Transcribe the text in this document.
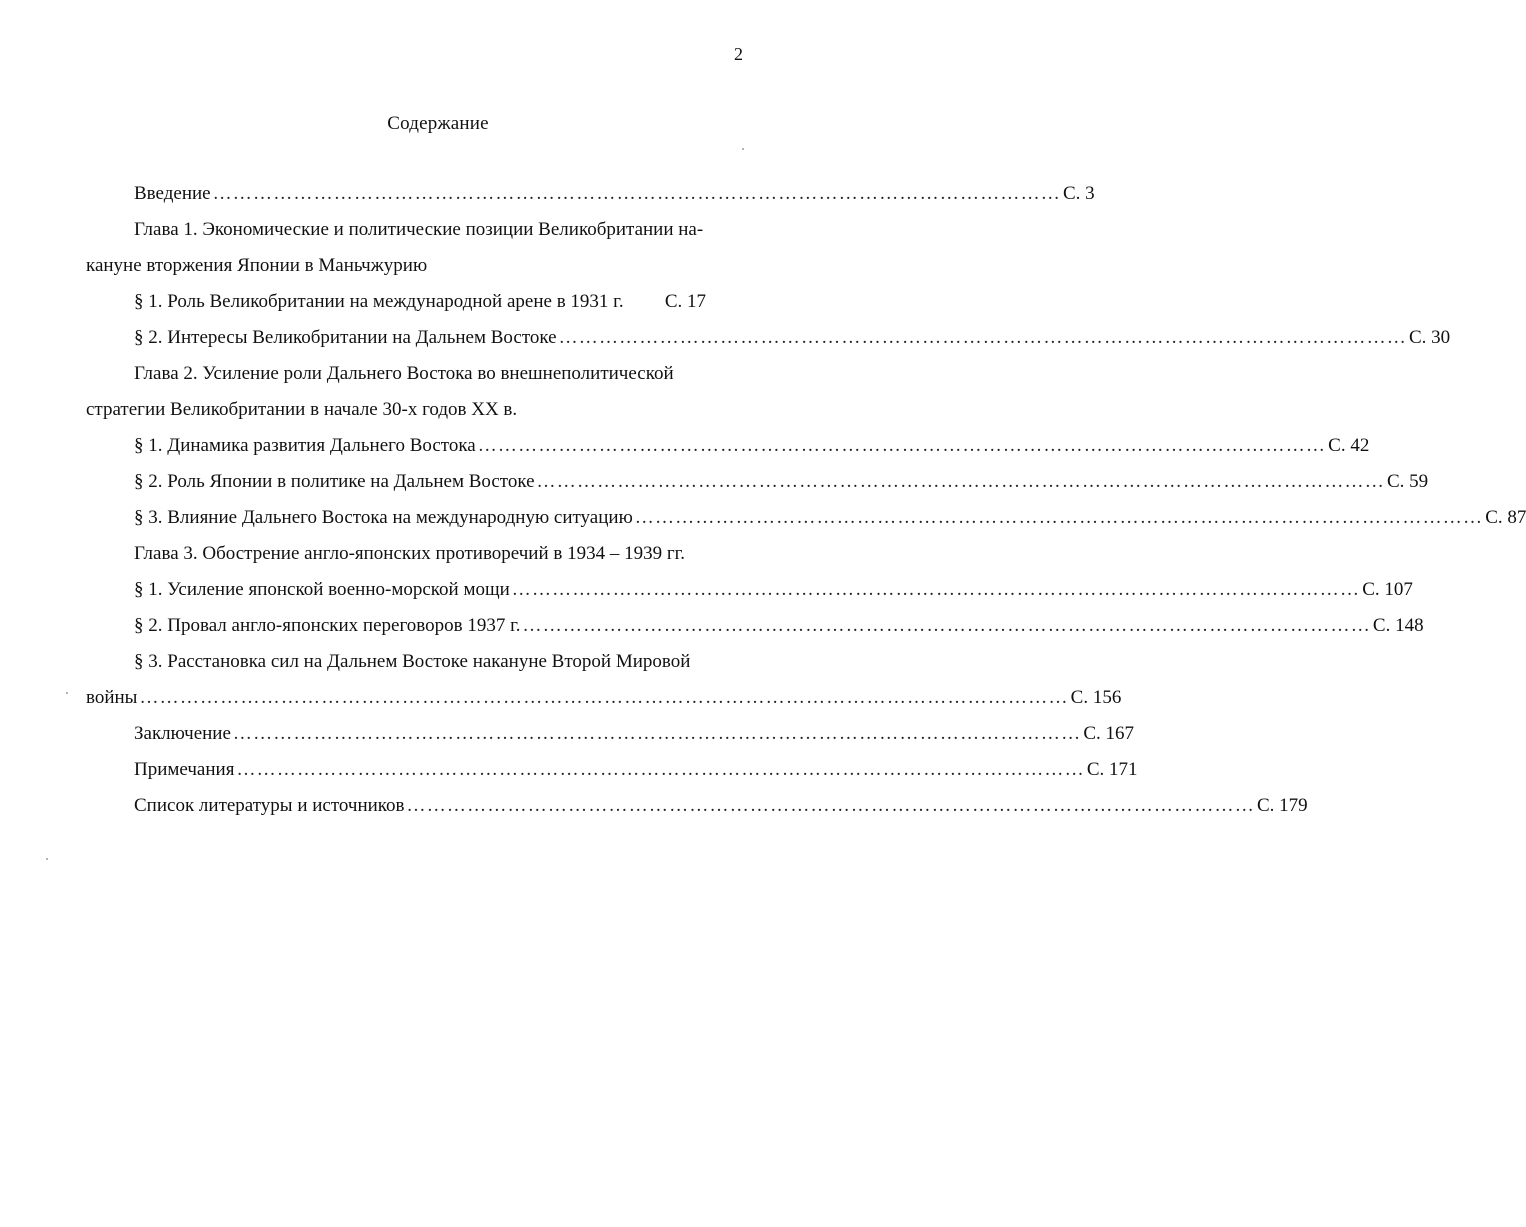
2
Содержание
Введение ……………………………………………………………………………………………………………… С. 3
Глава 1. Экономические и политические позиции Великобритании на-
кануне вторжения Японии в Маньчжурию
§ 1. Роль Великобритании на международной арене в 1931 г. С. 17
§ 2. Интересы Великобритании на Дальнем Востоке ……………………………………………………………………………………………………………… С. 30
Глава 2. Усиление роли Дальнего Востока во внешнеполитической
стратегии Великобритании в начале 30-х годов XX в.
§ 1. Динамика развития Дальнего Востока ……………………………………………………………………………………………………………… С. 42
§ 2. Роль Японии в политике на Дальнем Востоке ……………………………………………………………………………………………………………… С. 59
§ 3. Влияние Дальнего Востока на международную ситуацию ……………………………………………………………………………………………………………… С. 87
Глава 3. Обострение англо-японских противоречий в 1934 – 1939 гг.
§ 1. Усиление японской военно-морской мощи ……………………………………………………………………………………………………………… С. 107
§ 2. Провал англо-японских переговоров 1937 г. ……………………………………………………………………………………………………………… С. 148
§ 3. Расстановка сил на Дальнем Востоке накануне Второй Мировой
войны ………………………………………………………………………………………………………………………… С. 156
Заключение ……………………………………………………………………………………………………………… С. 167
Примечания ……………………………………………………………………………………………………………… С. 171
Список литературы и источников ……………………………………………………………………………………………………………… С. 179
